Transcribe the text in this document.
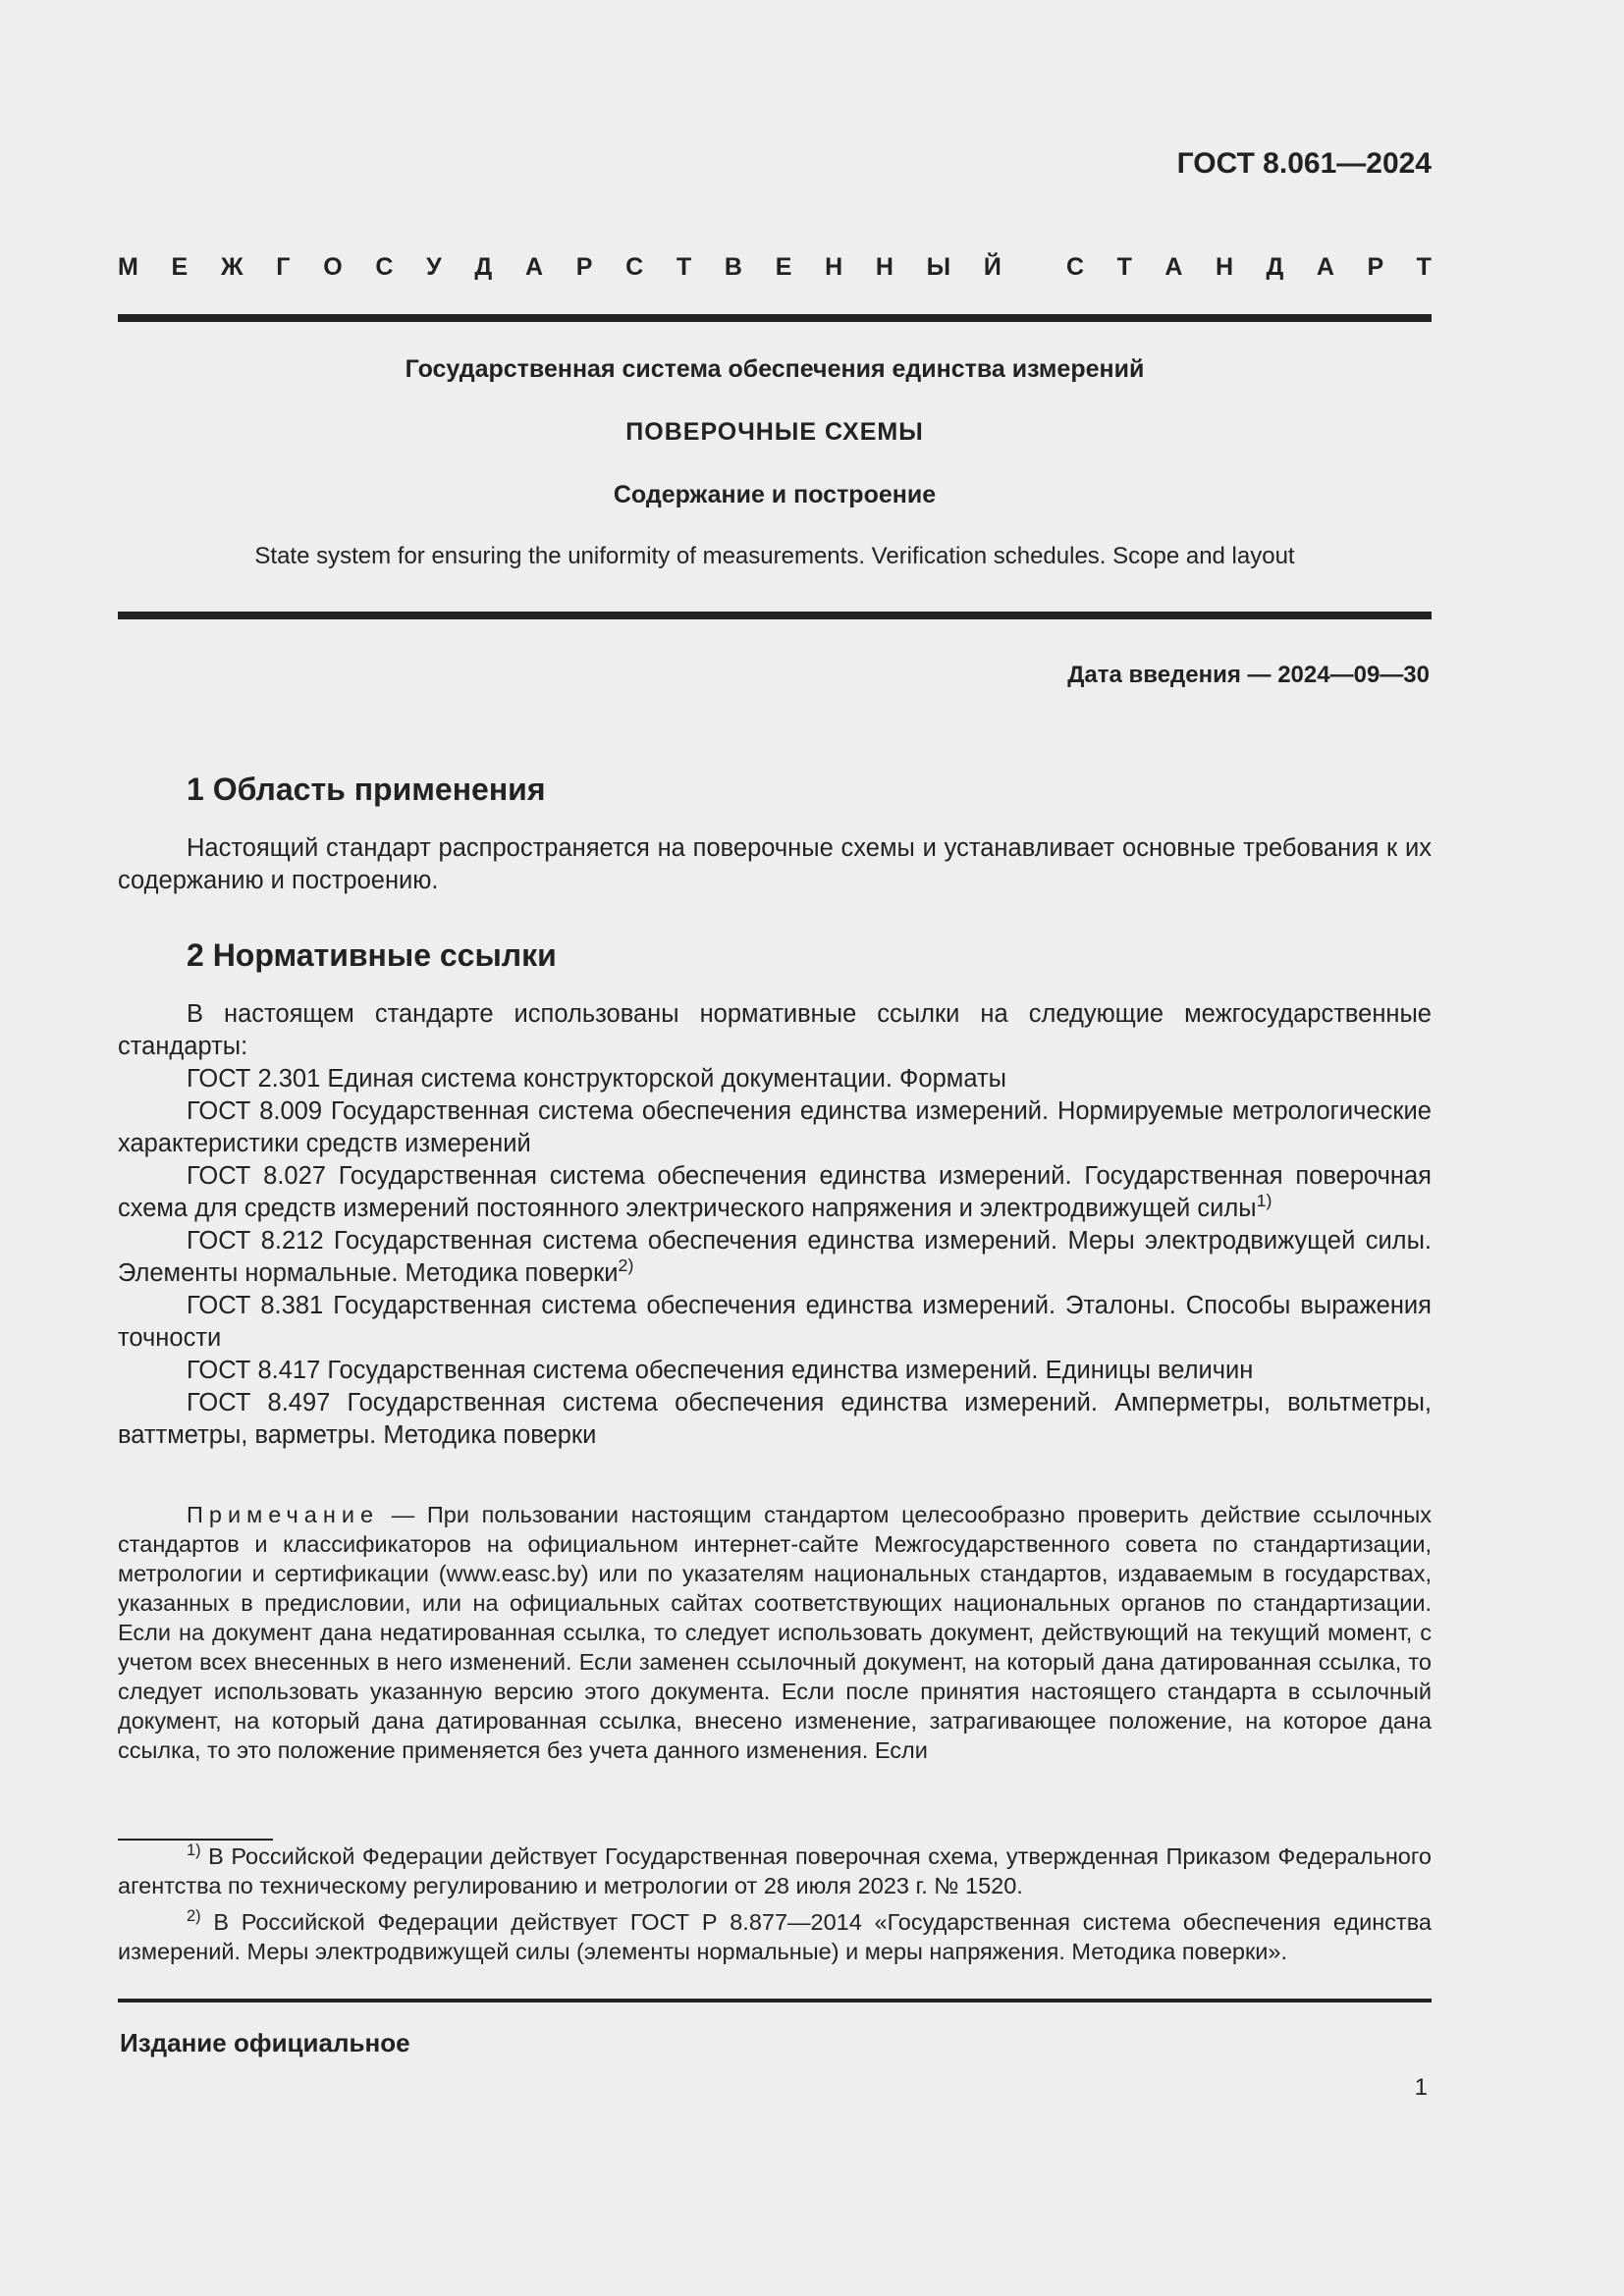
ГОСТ 8.061—2024
М Е Ж Г О С У Д А Р С Т В Е Н Н Ы Й	С Т А Н Д А Р Т
Государственная система обеспечения единства измерений
ПОВЕРОЧНЫЕ СХЕМЫ
Содержание и построение
State system for ensuring the uniformity of measurements. Verification schedules. Scope and layout
Дата введения — 2024—09—30
1 Область применения

Настоящий стандарт распространяется на поверочные схемы и устанавливает основные требования к их содержанию и построению.

2 Нормативные ссылки

В настоящем стандарте использованы нормативные ссылки на следующие межгосударственные стандарты:

ГОСТ 2.301 Единая система конструкторской документации. Форматы

ГОСТ 8.009 Государственная система обеспечения единства измерений. Нормируемые метрологические характеристики средств измерений

ГОСТ 8.027 Государственная система обеспечения единства измерений. Государственная поверочная схема для средств измерений постоянного электрического напряжения и электродвижущей силы$^{1)}$

ГОСТ 8.212 Государственная система обеспечения единства измерений. Меры электродвижущей силы. Элементы нормальные. Методика поверки$^{2)}$

ГОСТ 8.381 Государственная система обеспечения единства измерений. Эталоны. Способы выражения точности

ГОСТ 8.417 Государственная система обеспечения единства измерений. Единицы величин

ГОСТ 8.497 Государственная система обеспечения единства измерений. Амперметры, вольтметры, ваттметры, варметры. Методика поверки

Примечание — При пользовании настоящим стандартом целесообразно проверить действие ссылочных стандартов и классификаторов на официальном интернет-сайте Межгосударственного совета по стандартизации, метрологии и сертификации (www.easc.by) или по указателям национальных стандартов, издаваемым в государствах, указанных в предисловии, или на официальных сайтах соответствующих национальных органов по стандартизации. Если на документ дана недатированная ссылка, то следует использовать документ, действующий на текущий момент, с учетом всех внесенных в него изменений. Если заменен ссылочный документ, на который дана датированная ссылка, то следует использовать указанную версию этого документа. Если после принятия настоящего стандарта в ссылочный документ, на который дана датированная ссылка, внесено изменение, затрагивающее положение, на которое дана ссылка, то это положение применяется без учета данного изменения. Если

$^{1)}$ В Российской Федерации действует Государственная поверочная схема, утвержденная Приказом Федерального агентства по техническому регулированию и метрологии от 28 июля 2023 г. № 1520.

$^{2)}$ В Российской Федерации действует ГОСТ Р 8.877—2014 «Государственная система обеспечения единства измерений. Меры электродвижущей силы (элементы нормальные) и меры напряжения. Методика поверки».

Издание официальное
1
